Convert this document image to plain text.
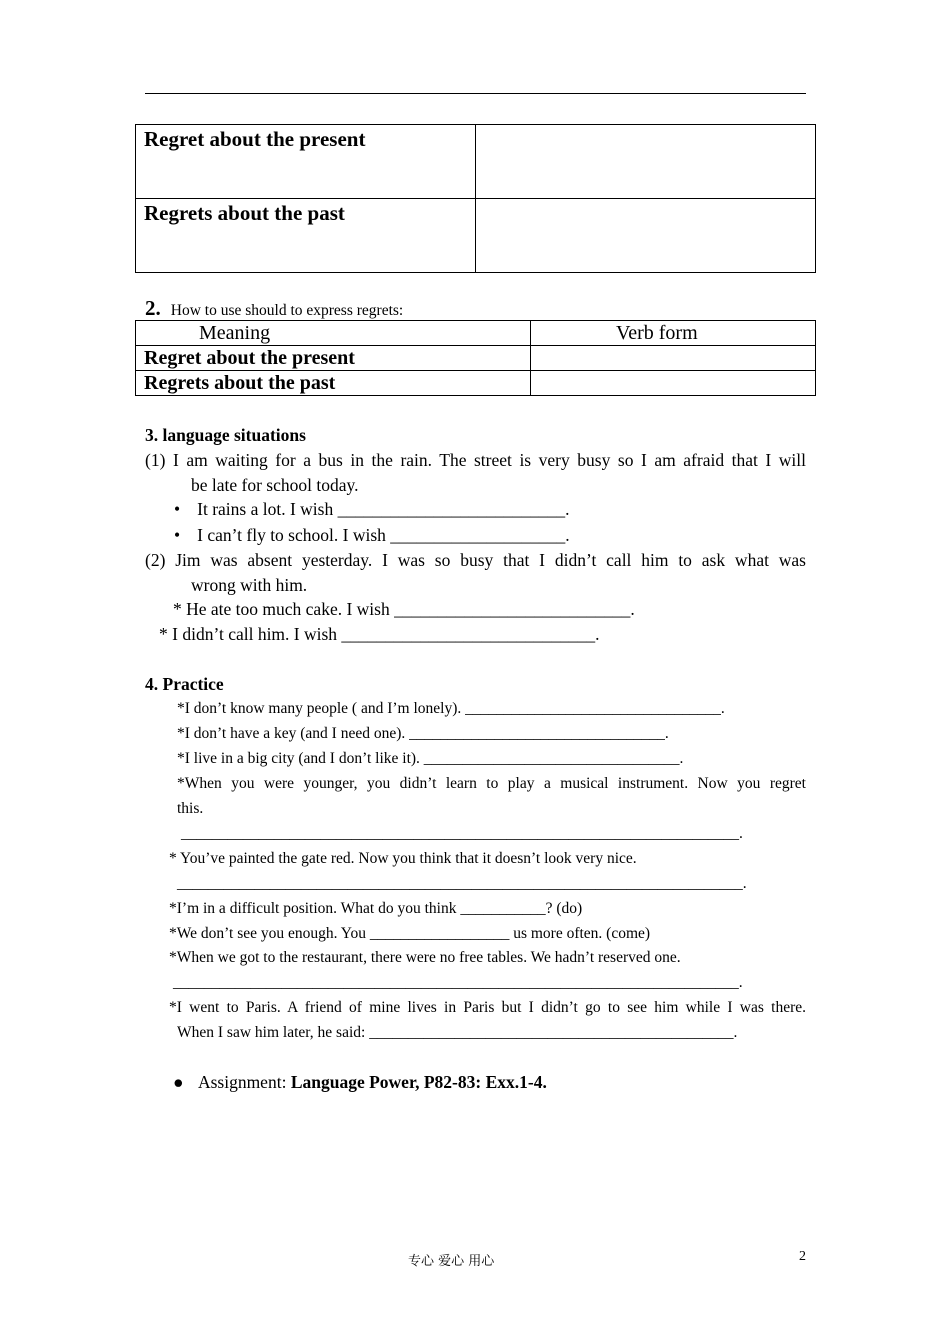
Regret about the present	
Regrets about the past	
2. How to use should to express regrets:
Meaning	Verb form
Regret about the present	
Regrets about the past	
3. language situations
(1) I am waiting for a bus in the rain. The street is very busy so I am afraid that I will
be late for school today.
• It rains a lot. I wish __________________________.
• I can’t fly to school. I wish ____________________.
(2) Jim was absent yesterday. I was so busy that I didn’t call him to ask what was
wrong with him.
* He ate too much cake. I wish ___________________________.
* I didn’t call him. I wish _____________________________.
4. Practice
*I don’t know many people ( and I’m lonely). _________________________________.
*I don’t have a key (and I need one). _________________________________.
*I live in a big city (and I don’t like it). _________________________________.
*When you were younger, you didn’t learn to play a musical instrument. Now you regret
this.
________________________________________________________________________.
* You’ve painted the gate red. Now you think that it doesn’t look very nice.
_________________________________________________________________________.
*I’m in a difficult position. What do you think ___________? (do)
*We don’t see you enough. You __________________ us more often. (come)
*When we got to the restaurant, there were no free tables. We hadn’t reserved one.
_________________________________________________________________________.
*I went to Paris. A friend of mine lives in Paris but I didn’t go to see him while I was there.
When I saw him later, he said: _______________________________________________.
● Assignment: Language Power, P82-83: Exx.1-4.
专心 爱心 用心	2
